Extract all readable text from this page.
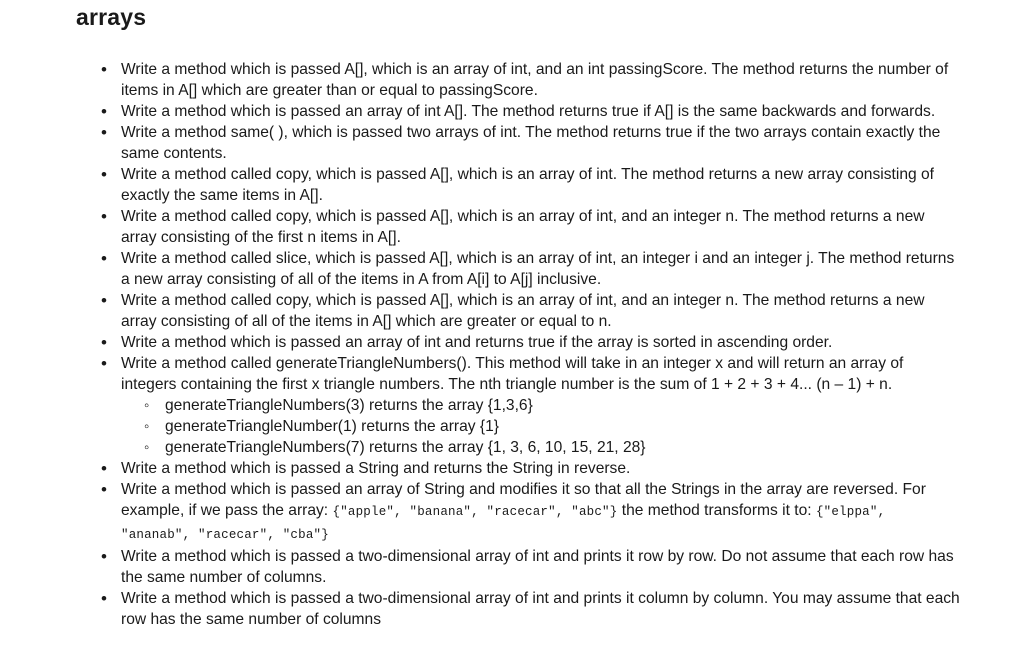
arrays
• Write a method which is passed A[], which is an array of int, and an int passingScore. The method returns the number of items in A[] which are greater than or equal to passingScore.
• Write a method which is passed an array of int A[]. The method returns true if A[] is the same backwards and forwards.
• Write a method same( ), which is passed two arrays of int. The method returns true if the two arrays contain exactly the same contents.
• Write a method called copy, which is passed A[], which is an array of int. The method returns a new array consisting of exactly the same items in A[].
• Write a method called copy, which is passed A[], which is an array of int, and an integer n. The method returns a new array consisting of the first n items in A[].
• Write a method called slice, which is passed A[], which is an array of int, an integer i and an integer j. The method returns a new array consisting of all of the items in A from A[i] to A[j] inclusive.
• Write a method called copy, which is passed A[], which is an array of int, and an integer n. The method returns a new array consisting of all of the items in A[] which are greater or equal to n.
• Write a method which is passed an array of int and returns true if the array is sorted in ascending order.
• Write a method called generateTriangleNumbers(). This method will take in an integer x and will return an array of integers containing the first x triangle numbers. The nth triangle number is the sum of 1 + 2 + 3 + 4... (n – 1) + n.
◦ generateTriangleNumbers(3) returns the array {1,3,6}
◦ generateTriangleNumber(1) returns the array {1}
◦ generateTriangleNumbers(7) returns the array {1, 3, 6, 10, 15, 21, 28}
• Write a method which is passed a String and returns the String in reverse.
• Write a method which is passed an array of String and modifies it so that all the Strings in the array are reversed. For example, if we pass the array: {"apple", "banana", "racecar", "abc"} the method transforms it to: {"elppa", "ananab", "racecar", "cba"}
• Write a method which is passed a two-dimensional array of int and prints it row by row. Do not assume that each row has the same number of columns.
• Write a method which is passed a two-dimensional array of int and prints it column by column. You may assume that each row has the same number of columns
